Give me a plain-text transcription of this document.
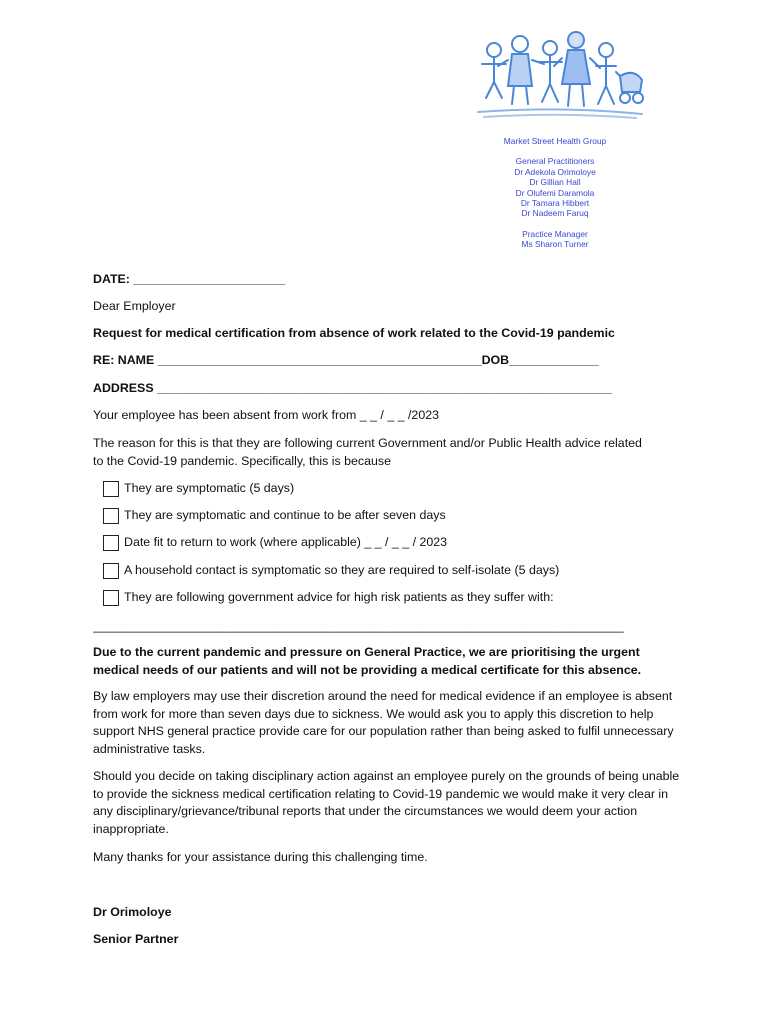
Market Street Health Group
General Practitioners
Dr Adekola Orimoloye
Dr Gillian Hall
Dr Olufemi Daramola
Dr Tamara Hibbert
Dr Nadeem Faruq
Practice Manager
Ms Sharon Turner
DATE: ______________________
Dear Employer
Request for medical certification from absence of work related to the Covid-19 pandemic
RE: NAME _______________________________________________DOB_____________
ADDRESS __________________________________________________________________
Your employee has been absent from work from _ _ / _ _ /2023
The reason for this is that they are following current Government and/or Public Health advice related to the Covid-19 pandemic. Specifically, this is because
They are symptomatic (5 days)
They are symptomatic and continue to be after seven days
Date fit to return to work (where applicable) _ _ / _ _ / 2023
A household contact is symptomatic so they are required to self-isolate (5 days)
They are following government advice for high risk patients as they suffer with:
_____________________________________________________________________________
Due to the current pandemic and pressure on General Practice, we are prioritising the urgent medical needs of our patients and will not be providing a medical certificate for this absence.
By law employers may use their discretion around the need for medical evidence if an employee is absent from work for more than seven days due to sickness. We would ask you to apply this discretion to help support NHS general practice provide care for our population rather than being asked to fulfil unnecessary administrative tasks.
Should you decide on taking disciplinary action against an employee purely on the grounds of being unable to provide the sickness medical certification relating to Covid-19 pandemic we would make it very clear in any disciplinary/grievance/tribunal reports that under the circumstances we would deem your action inappropriate.
Many thanks for your assistance during this challenging time.
Dr Orimoloye
Senior Partner
